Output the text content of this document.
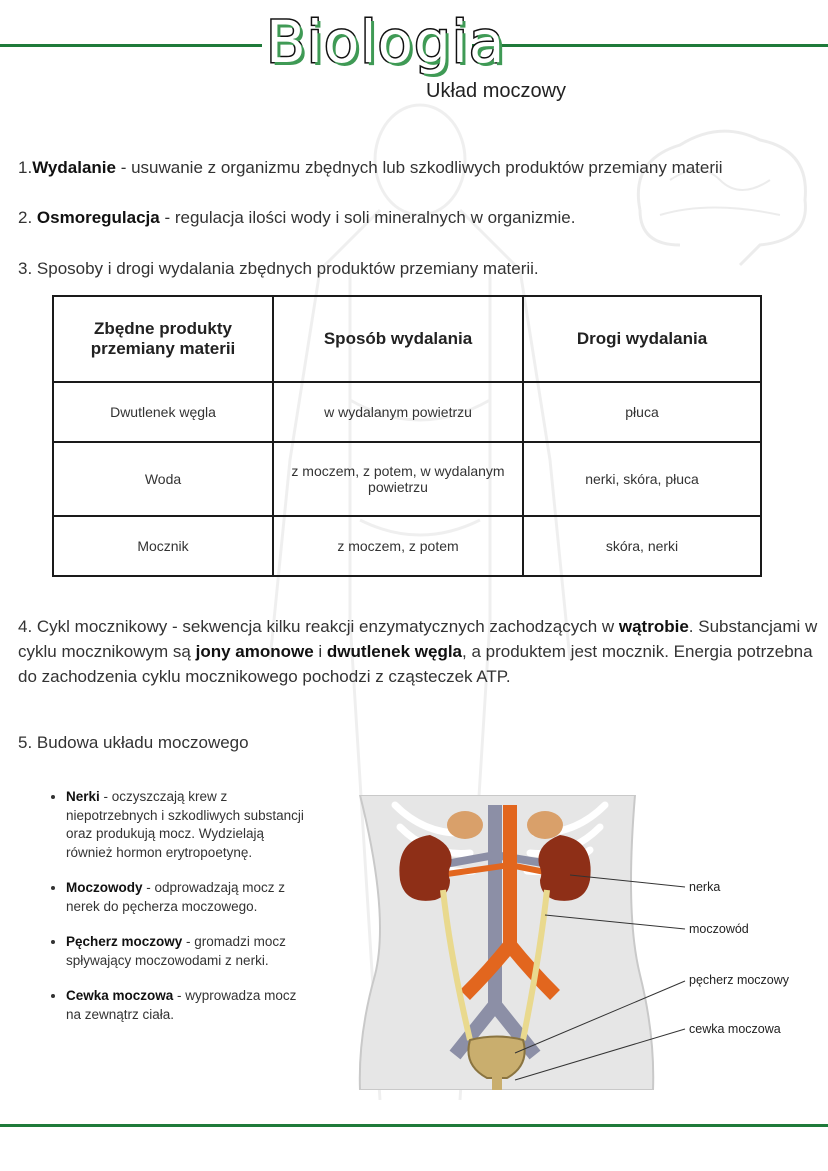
Biologia
Układ moczowy
1.Wydalanie - usuwanie z organizmu zbędnych lub szkodliwych produktów przemiany materii
2. Osmoregulacja - regulacja ilości wody i soli mineralnych w organizmie.
3. Sposoby i drogi wydalania zbędnych produktów przemiany materii.
Zbędne produkty przemiany materii	Sposób wydalania	Drogi wydalania
Dwutlenek węgla	w wydalanym powietrzu	płuca
Woda	z moczem, z potem, w wydalanym powietrzu	nerki, skóra, płuca
Mocznik	z moczem, z potem	skóra, nerki
4. Cykl mocznikowy - sekwencja kilku reakcji enzymatycznych zachodzących w wątrobie. Substancjami w cyklu mocznikowym są jony amonowe i dwutlenek węgla, a produktem jest mocznik. Energia potrzebna do zachodzenia cyklu mocznikowego pochodzi z cząsteczek ATP.
5. Budowa układu moczowego
• Nerki - oczyszczają krew z niepotrzebnych i szkodliwych substancji oraz produkują mocz. Wydzielają również hormon erytropoetynę.
• Moczowody - odprowadzają mocz z nerek do pęcherza moczowego.
• Pęcherz moczowy - gromadzi mocz spływający moczowodami z nerki.
• Cewka moczowa - wyprowadza mocz na zewnątrz ciała.
nerka
moczowód
pęcherz moczowy
cewka moczowa
